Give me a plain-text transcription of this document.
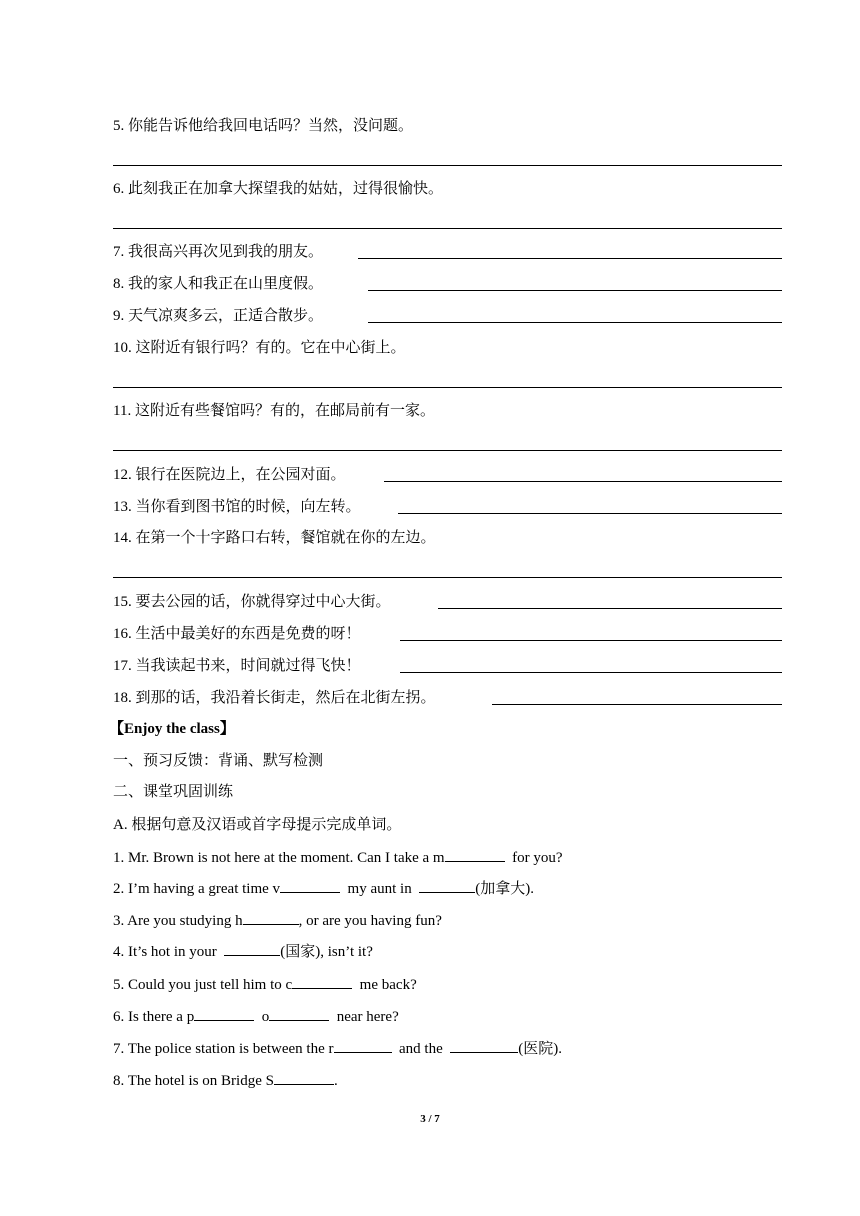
5. 你能告诉他给我回电话吗？当然，没问题。
6. 此刻我正在加拿大探望我的姑姑，过得很愉快。
7. 我很高兴再次见到我的朋友。
8. 我的家人和我正在山里度假。
9. 天气凉爽多云，正适合散步。
10. 这附近有银行吗？有的。它在中心街上。
11. 这附近有些餐馆吗？有的，在邮局前有一家。
12. 银行在医院边上，在公园对面。
13. 当你看到图书馆的时候，向左转。
14. 在第一个十字路口右转，餐馆就在你的左边。
15. 要去公园的话，你就得穿过中心大街。
16. 生活中最美好的东西是免费的呀！
17. 当我读起书来，时间就过得飞快！
18. 到那的话，我沿着长街走，然后在北街左拐。
【Enjoy the class】
一、预习反馈：背诵、默写检测
二、课堂巩固训练
A. 根据句意及汉语或首字母提示完成单词。
1. Mr. Brown is not here at the moment. Can I take a m	for you?
2. I’m having a great time v	my aunt in	(加拿大).
3. Are you studying h	, or are you having fun?
4. It’s hot in your	(国家), isn’t it?
5. Could you just tell him to c	me back?
6. Is there a p	o	near here?
7. The police station is between the r	and the	(医院).
8. The hotel is on Bridge S	.
3 / 7
